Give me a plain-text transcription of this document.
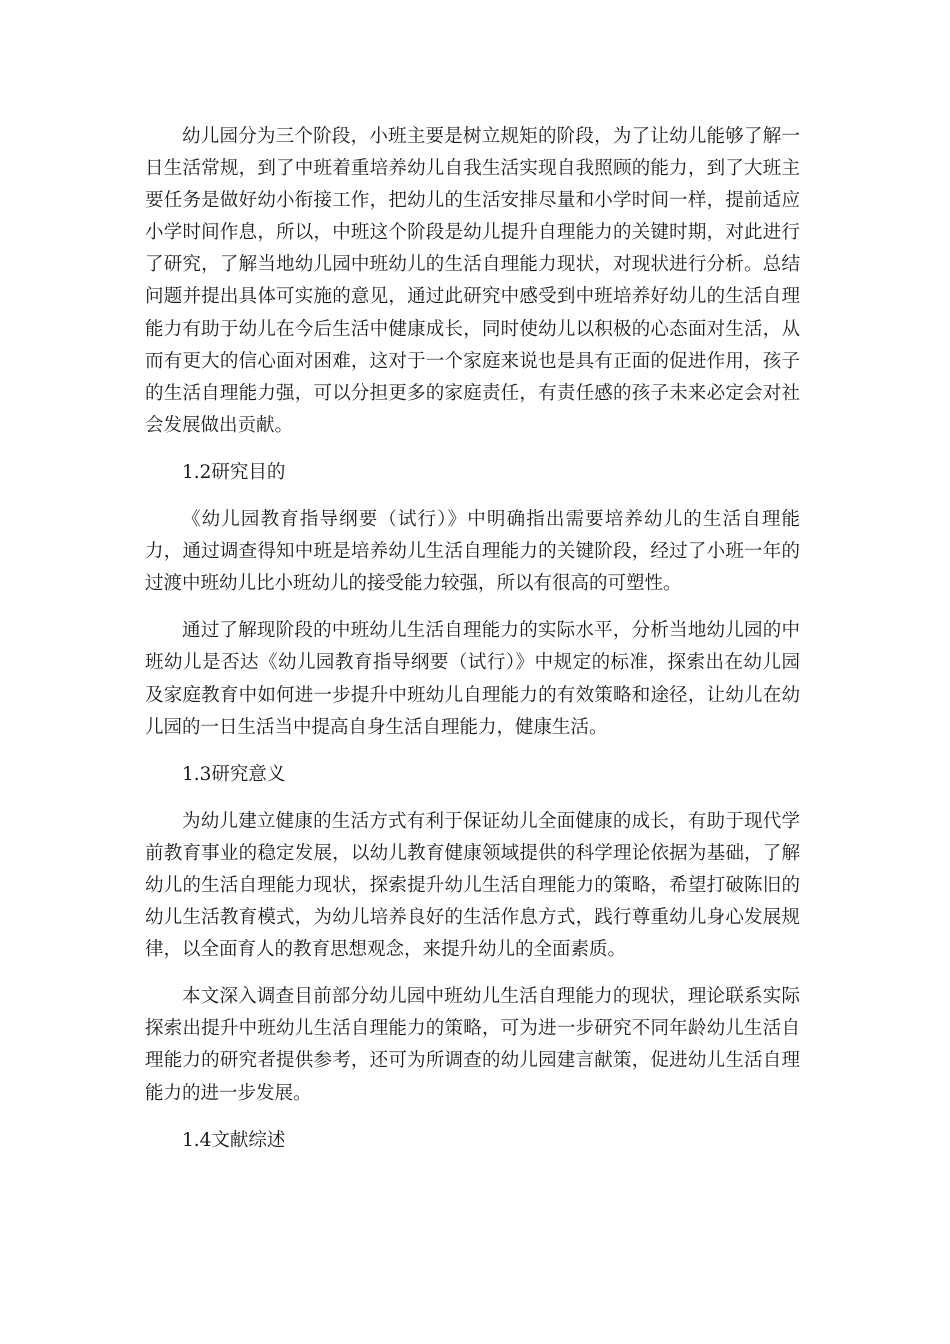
幼儿园分为三个阶段，小班主要是树立规矩的阶段，为了让幼儿能够了解一日生活常规，到了中班着重培养幼儿自我生活实现自我照顾的能力，到了大班主要任务是做好幼小衔接工作，把幼儿的生活安排尽量和小学时间一样，提前适应小学时间作息，所以，中班这个阶段是幼儿提升自理能力的关键时期，对此进行了研究，了解当地幼儿园中班幼儿的生活自理能力现状，对现状进行分析。总结问题并提出具体可实施的意见，通过此研究中感受到中班培养好幼儿的生活自理能力有助于幼儿在今后生活中健康成长，同时使幼儿以积极的心态面对生活，从而有更大的信心面对困难，这对于一个家庭来说也是具有正面的促进作用，孩子的生活自理能力强，可以分担更多的家庭责任，有责任感的孩子未来必定会对社会发展做出贡献。

1.2研究目的

《幼儿园教育指导纲要（试行）》中明确指出需要培养幼儿的生活自理能力，通过调查得知中班是培养幼儿生活自理能力的关键阶段，经过了小班一年的过渡中班幼儿比小班幼儿的接受能力较强，所以有很高的可塑性。

通过了解现阶段的中班幼儿生活自理能力的实际水平，分析当地幼儿园的中班幼儿是否达《幼儿园教育指导纲要（试行）》中规定的标准，探索出在幼儿园及家庭教育中如何进一步提升中班幼儿自理能力的有效策略和途径，让幼儿在幼儿园的一日生活当中提高自身生活自理能力，健康生活。

1.3研究意义

为幼儿建立健康的生活方式有利于保证幼儿全面健康的成长，有助于现代学前教育事业的稳定发展，以幼儿教育健康领域提供的科学理论依据为基础，了解幼儿的生活自理能力现状，探索提升幼儿生活自理能力的策略，希望打破陈旧的幼儿生活教育模式，为幼儿培养良好的生活作息方式，践行尊重幼儿身心发展规律，以全面育人的教育思想观念，来提升幼儿的全面素质。

本文深入调查目前部分幼儿园中班幼儿生活自理能力的现状，理论联系实际探索出提升中班幼儿生活自理能力的策略，可为进一步研究不同年龄幼儿生活自理能力的研究者提供参考，还可为所调查的幼儿园建言献策，促进幼儿生活自理能力的进一步发展。

1.4文献综述
